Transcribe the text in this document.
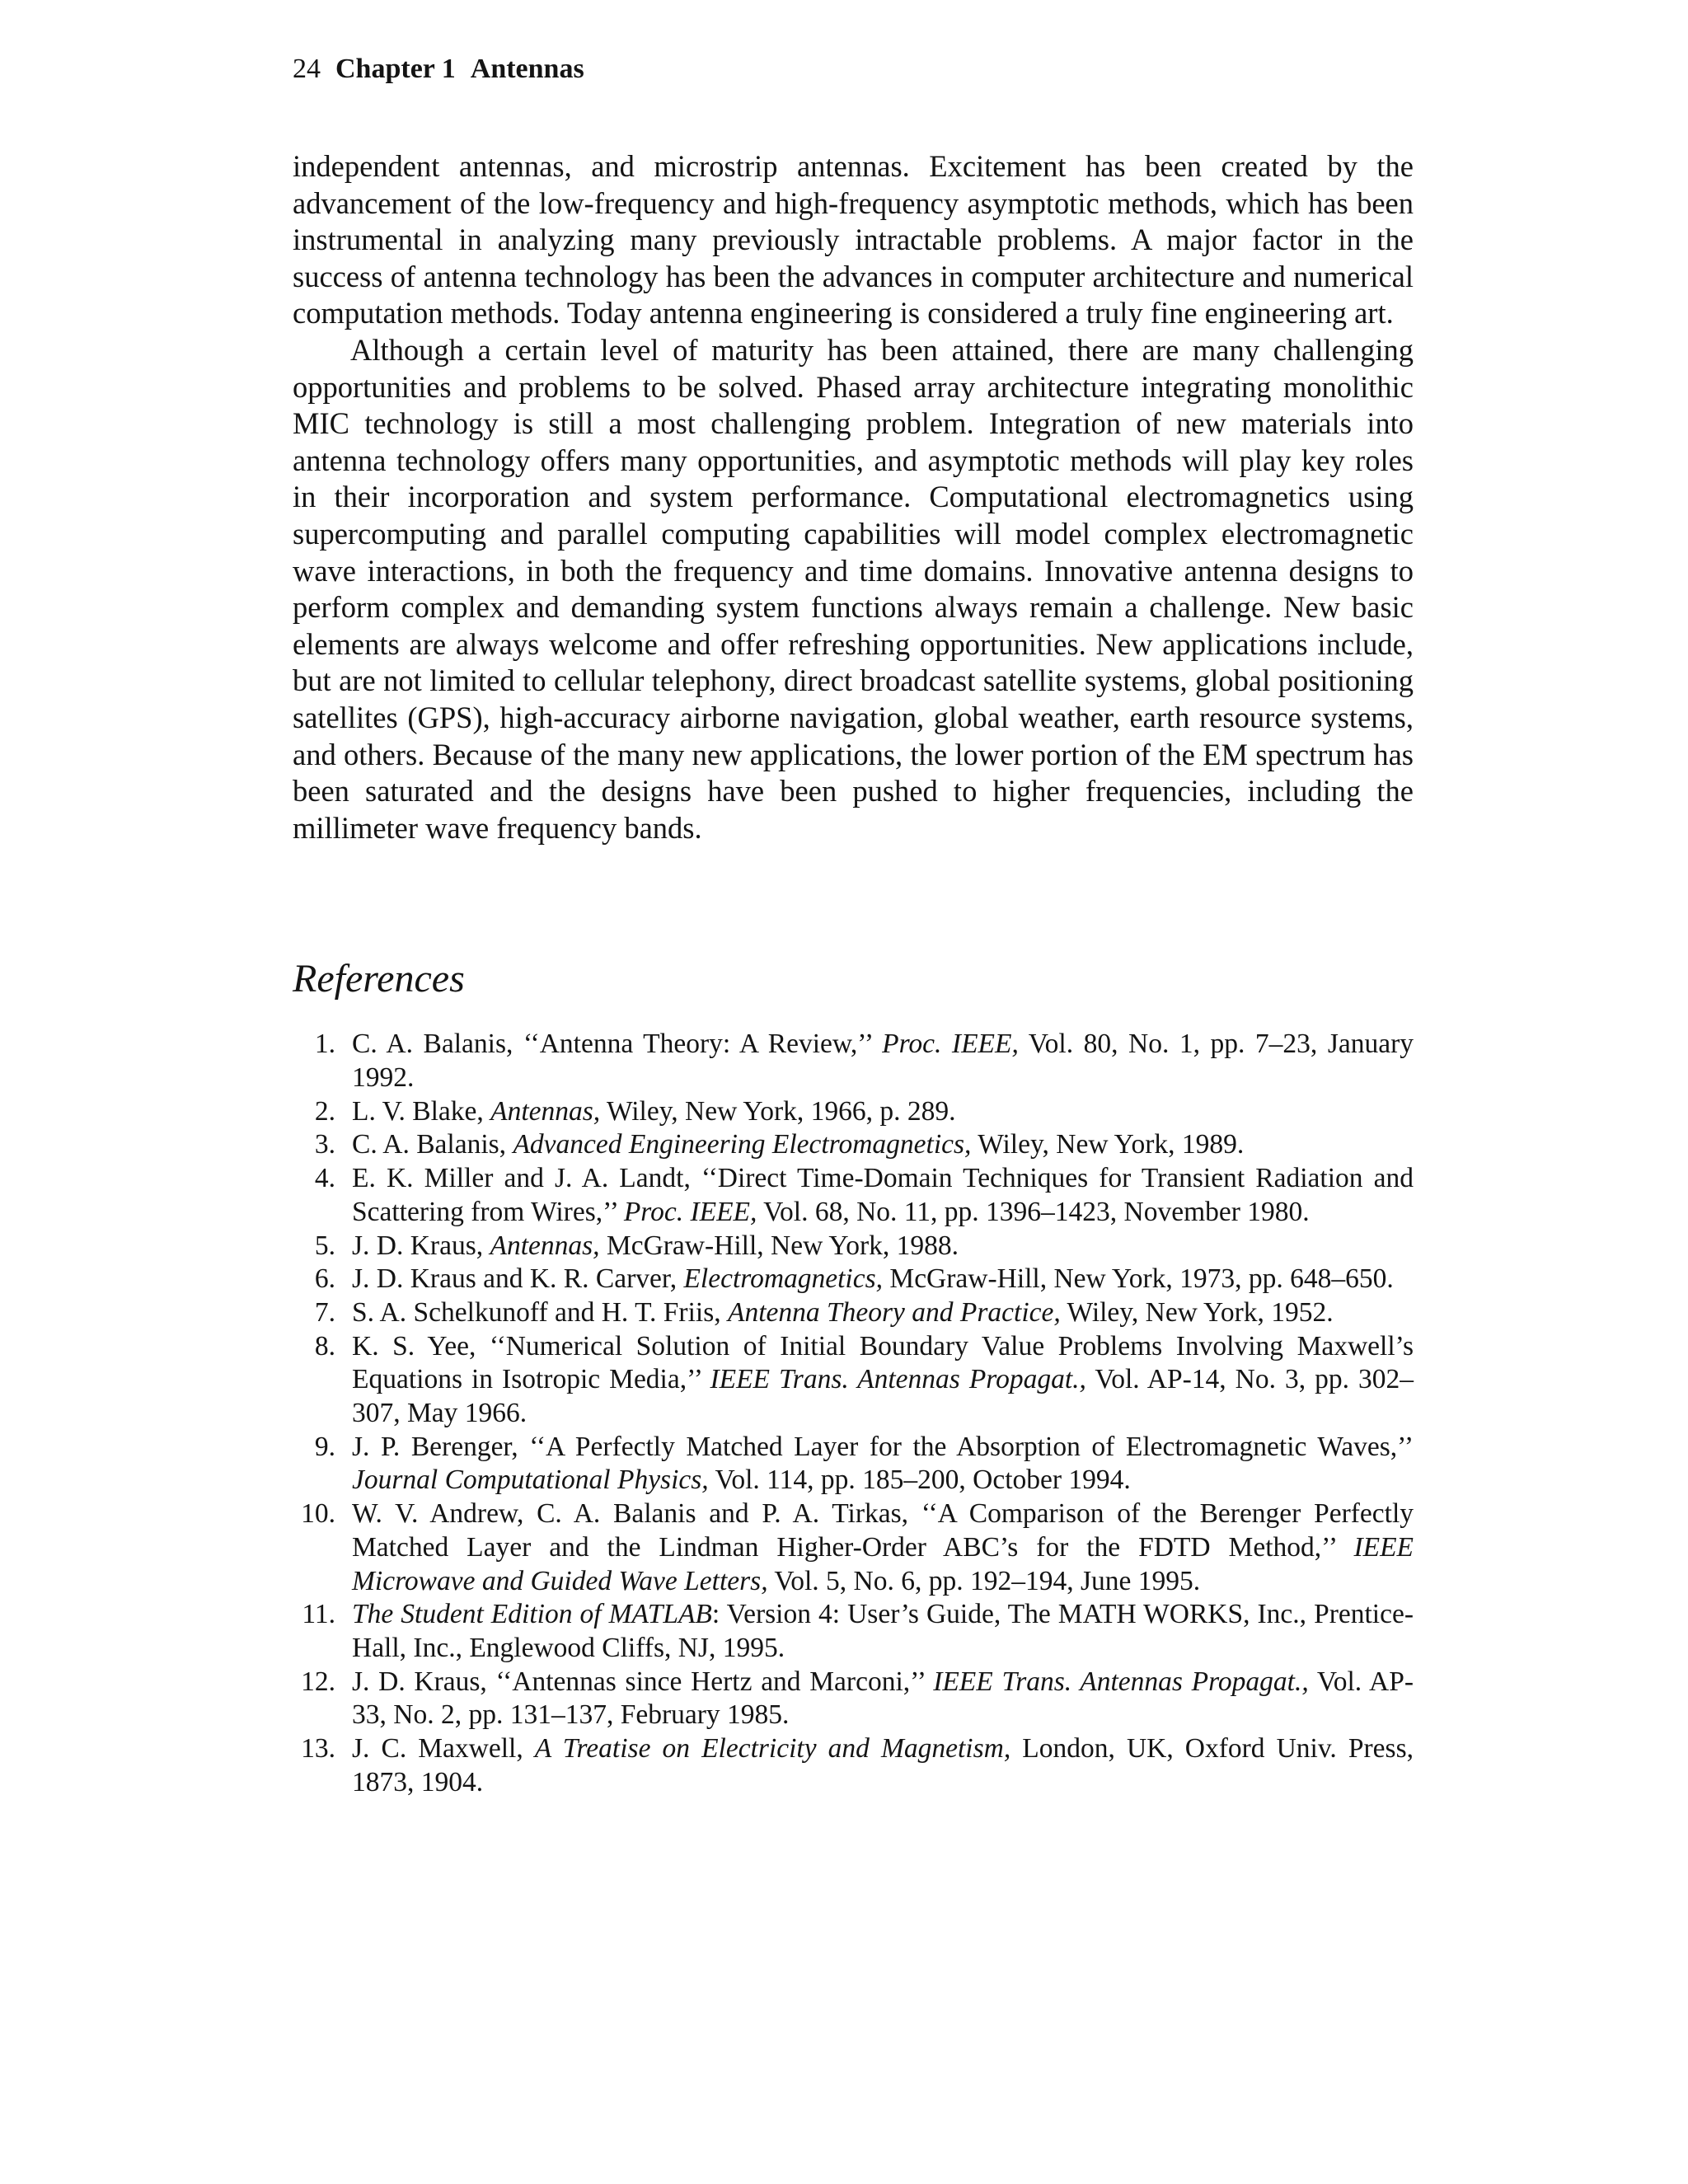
24 Chapter 1 Antennas

independent antennas, and microstrip antennas. Excitement has been created by the advancement of the low-frequency and high-frequency asymptotic methods, which has been instrumental in analyzing many previously intractable problems. A major factor in the success of antenna technology has been the advances in computer architecture and numerical computation methods. Today antenna engineering is considered a truly fine engineering art.

Although a certain level of maturity has been attained, there are many challenging opportunities and problems to be solved. Phased array architecture integrating monolithic MIC technology is still a most challenging problem. Integration of new materials into antenna technology offers many opportunities, and asymptotic methods will play key roles in their incorporation and system performance. Computational electromagnetics using supercomputing and parallel computing capabilities will model complex electromagnetic wave interactions, in both the frequency and time domains. Innovative antenna designs to perform complex and demanding system functions always remain a challenge. New basic elements are always welcome and offer refreshing opportunities. New applications include, but are not limited to cellular telephony, direct broadcast satellite systems, global positioning satellites (GPS), high-accuracy airborne navigation, global weather, earth resource systems, and others. Because of the many new applications, the lower portion of the EM spectrum has been saturated and the designs have been pushed to higher frequencies, including the millimeter wave frequency bands.

References
1. C. A. Balanis, ‘‘Antenna Theory: A Review,’’ Proc. IEEE, Vol. 80, No. 1, pp. 7–23, January 1992.
2. L. V. Blake, Antennas, Wiley, New York, 1966, p. 289.
3. C. A. Balanis, Advanced Engineering Electromagnetics, Wiley, New York, 1989.
4. E. K. Miller and J. A. Landt, ‘‘Direct Time-Domain Techniques for Transient Radiation and Scattering from Wires,’’ Proc. IEEE, Vol. 68, No. 11, pp. 1396–1423, November 1980.
5. J. D. Kraus, Antennas, McGraw-Hill, New York, 1988.
6. J. D. Kraus and K. R. Carver, Electromagnetics, McGraw-Hill, New York, 1973, pp. 648–650.
7. S. A. Schelkunoff and H. T. Friis, Antenna Theory and Practice, Wiley, New York, 1952.
8. K. S. Yee, ‘‘Numerical Solution of Initial Boundary Value Problems Involving Maxwell’s Equations in Isotropic Media,’’ IEEE Trans. Antennas Propagat., Vol. AP-14, No. 3, pp. 302–307, May 1966.
9. J. P. Berenger, ‘‘A Perfectly Matched Layer for the Absorption of Electromagnetic Waves,’’ Journal Computational Physics, Vol. 114, pp. 185–200, October 1994.
10. W. V. Andrew, C. A. Balanis and P. A. Tirkas, ‘‘A Comparison of the Berenger Perfectly Matched Layer and the Lindman Higher-Order ABC’s for the FDTD Method,’’ IEEE Microwave and Guided Wave Letters, Vol. 5, No. 6, pp. 192–194, June 1995.
11. The Student Edition of MATLAB: Version 4: User’s Guide, The MATH WORKS, Inc., Prentice-Hall, Inc., Englewood Cliffs, NJ, 1995.
12. J. D. Kraus, ‘‘Antennas since Hertz and Marconi,’’ IEEE Trans. Antennas Propagat., Vol. AP-33, No. 2, pp. 131–137, February 1985.
13. J. C. Maxwell, A Treatise on Electricity and Magnetism, London, UK, Oxford Univ. Press, 1873, 1904.
